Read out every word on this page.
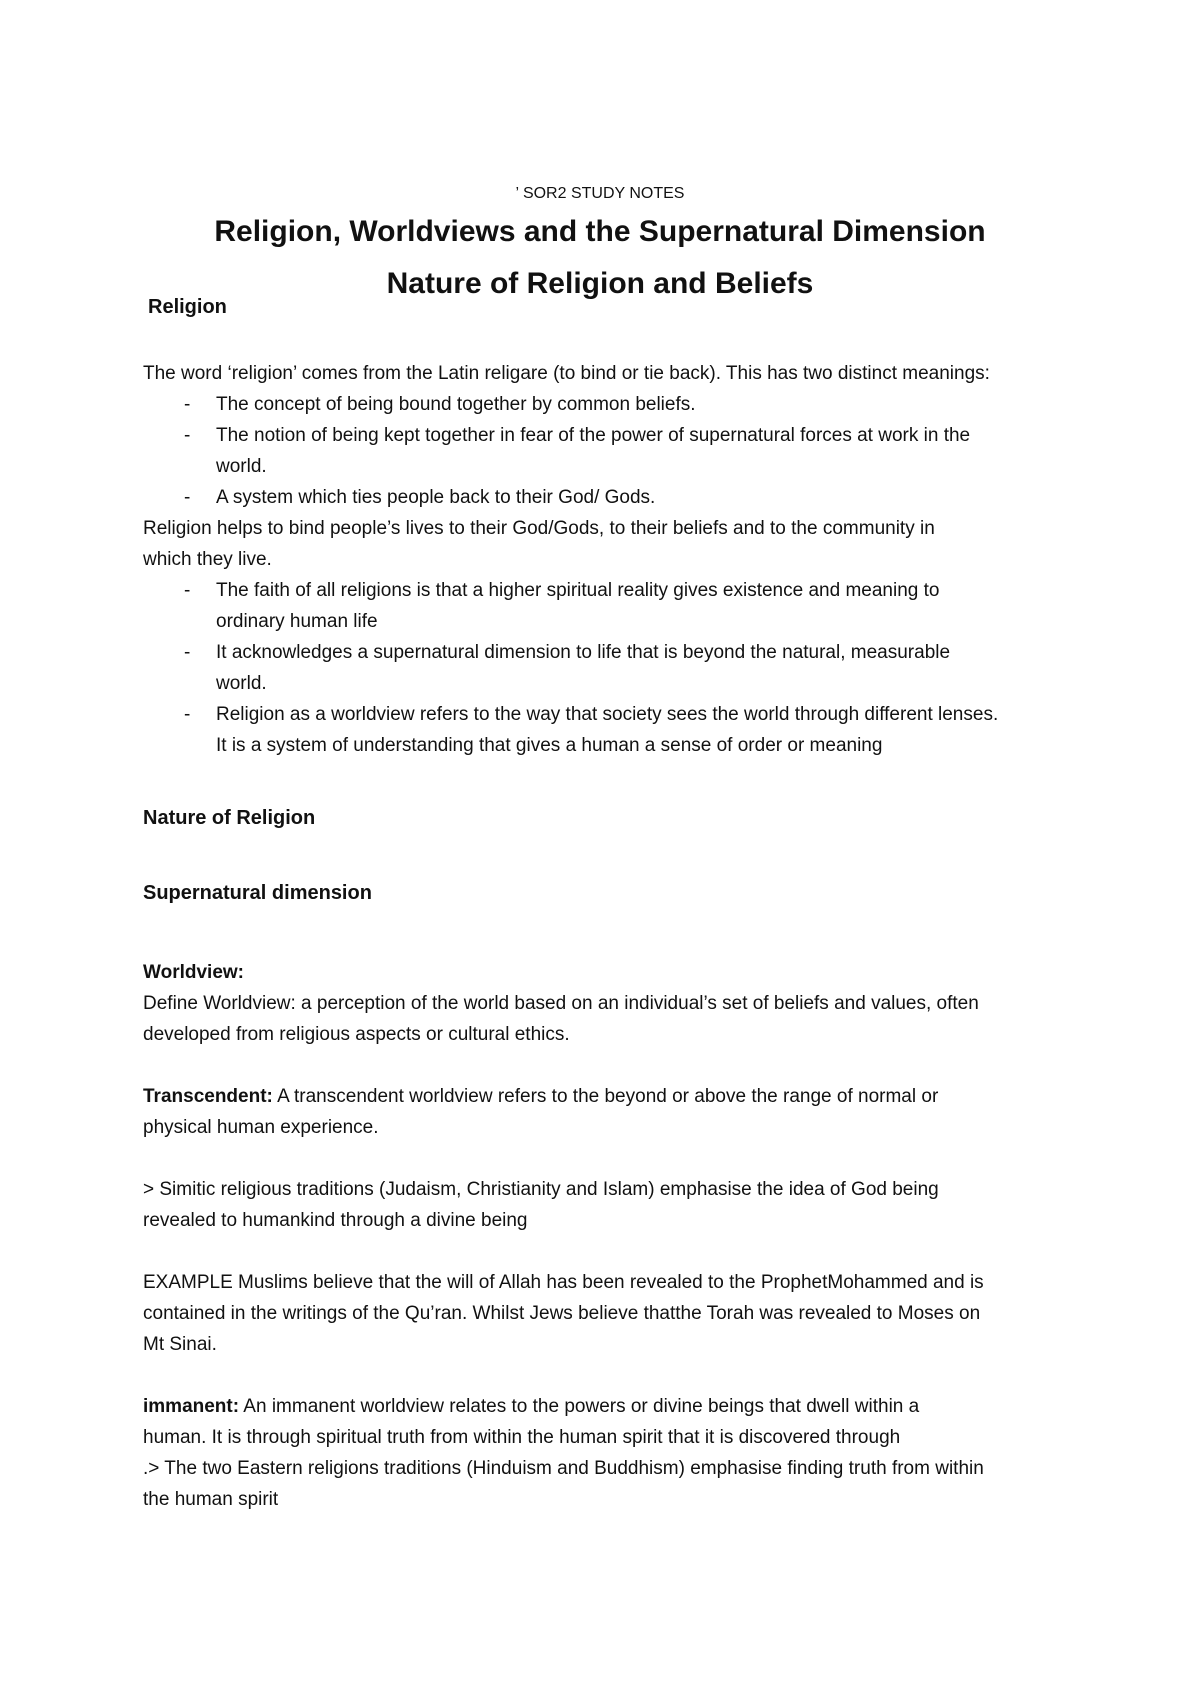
’ SOR2 STUDY NOTES
Religion, Worldviews and the Supernatural Dimension
Nature of Religion and Beliefs
Religion
The word ‘religion’ comes from the Latin religare (to bind or tie back). This has two distinct meanings:
- The concept of being bound together by common beliefs.
- The notion of being kept together in fear of the power of supernatural forces at work in the
world.
- A system which ties people back to their God/ Gods.
Religion helps to bind people’s lives to their God/Gods, to their beliefs and to the community in
which they live.
- The faith of all religions is that a higher spiritual reality gives existence and meaning to
ordinary human life
- It acknowledges a supernatural dimension to life that is beyond the natural, measurable
world.
- Religion as a worldview refers to the way that society sees the world through different lenses.
It is a system of understanding that gives a human a sense of order or meaning
Nature of Religion
Supernatural dimension
Worldview:
Define Worldview: a perception of the world based on an individual’s set of beliefs and values, often
developed from religious aspects or cultural ethics.
Transcendent: A transcendent worldview refers to the beyond or above the range of normal or
physical human experience.
> Simitic religious traditions (Judaism, Christianity and Islam) emphasise the idea of God being
revealed to humankind through a divine being
EXAMPLE Muslims believe that the will of Allah has been revealed to the ProphetMohammed and is
contained in the writings of the Qu’ran. Whilst Jews believe thatthe Torah was revealed to Moses on
Mt Sinai.
immanent: An immanent worldview relates to the powers or divine beings that dwell within a
human. It is through spiritual truth from within the human spirit that it is discovered through
.> The two Eastern religions traditions (Hinduism and Buddhism) emphasise finding truth from within
the human spirit
